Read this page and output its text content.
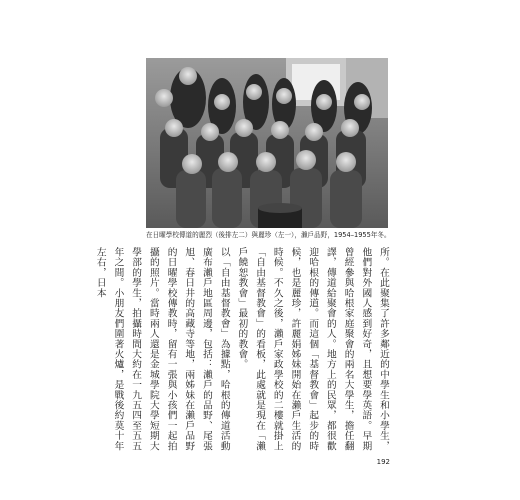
在日曜學校傳道的麗烈（後排左二）與麗珍（左一），瀨戶品野，1954–1955年冬。

所。在此聚集了許多鄰近的中學生和小學生，他們對外國人感到好奇，且想要學英語。早期曾經參與哈根家庭聚會的兩名大學生，擔任翻譯，傳道給聚會的人。地方上的民眾，都很歡迎哈根的傳道。而這個「基督教會」起步的時候，也是麗珍，許麗娟姊妹開始在瀨戶生活的時候。不久之後，瀨戶家政學校的二樓就掛上「自由基督教會」的看板，此處就是現在「瀨戶饒恕教會」最初的教會。

以「自由基督教會」為據點，哈根的傳道活動廣布瀨戶地區周邊，包括：瀨戶的品野、尾張旭、春日井的高藏寺等地，兩姊妹在瀨戶品野的日曜學校傳教時，留有一張與小孩們一起拍攝的照片。當時兩人還是金城學院大學短期大學部的學生，拍攝時間大約在一九五四至五五年之間。小朋友們圍著火爐，是戰後約莫十年左右，日本

192
